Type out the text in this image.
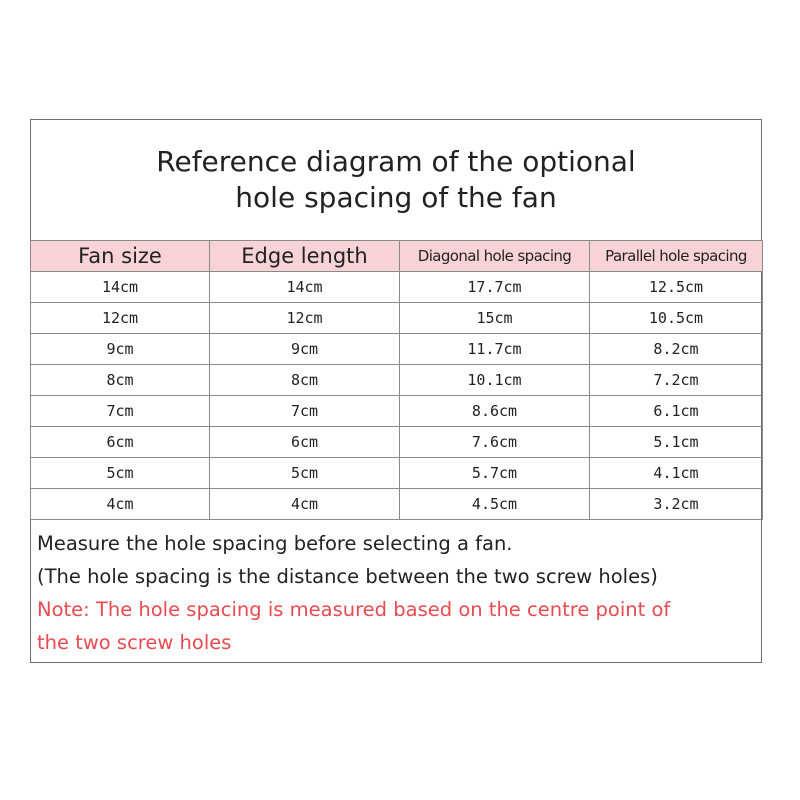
Reference diagram of the optional
hole spacing of the fan
Fan size	Edge length	Diagonal hole spacing	Parallel hole spacing
14cm	14cm	17.7cm	12.5cm
12cm	12cm	15cm	10.5cm
9cm	9cm	11.7cm	8.2cm
8cm	8cm	10.1cm	7.2cm
7cm	7cm	8.6cm	6.1cm
6cm	6cm	7.6cm	5.1cm
5cm	5cm	5.7cm	4.1cm
4cm	4cm	4.5cm	3.2cm
Measure the hole spacing before selecting a fan.
(The hole spacing is the distance between the two screw holes)
Note: The hole spacing is measured based on the centre point of
the two screw holes
